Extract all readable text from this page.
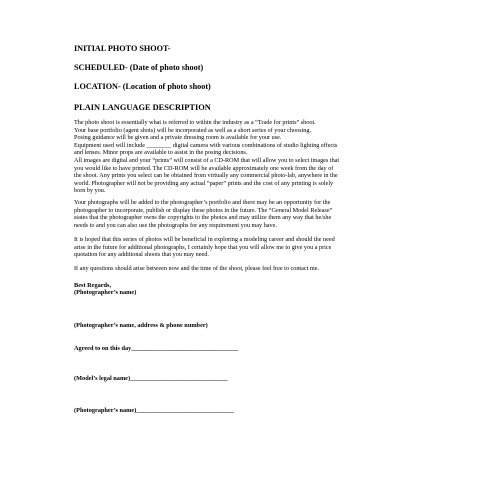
INITIAL PHOTO SHOOT-
SCHEDULED- (Date of photo shoot)
LOCATION- (Location of photo shoot)
PLAIN LANGUAGE DESCRIPTION
The photo shoot is essentially what is referred to within the industry as a “Trade for prints” shoot.
Your base portfolio (agent shots) will be incorporated as well as a short series of your choosing.
Posing guidance will be given and a private dressing room is available for your use.
Equipment used will include ________ digital camera with various combinations of studio lighting effects
and lenses. Minor props are available to assist in the posing decisions.
All images are digital and your “prints” will consist of a CD-ROM that will allow you to select images that
you would like to have printed. The CD-ROM will be available approximately one week from the day of
the shoot. Any prints you select can be obtained from virtually any commercial photo-lab, anywhere in the
world. Photographer will not be providing any actual “paper” prints and the cost of any printing is solely
born by you.
Your photographs will be added to the photographer’s portfolio and there may be an opportunity for the
photographer to incorporate, publish or display these photos in the future. The “General Model Release”
states that the photographer owns the copyrights to the photos and may utilize them any way that he/she
needs to and you can also use the photographs for any requirement you may have.
It is hoped that this series of photos will be beneficial in exploring a modeling career and should the need
arise in the future for additional photographs, I certainly hope that you will allow me to give you a price
quotation for any additional shoots that you may need.
If any questions should arise between now and the time of the shoot, please feel free to contact me.
Best Regards,
(Photographer’s name)
(Photographer’s name, address & phone number)
Agreed to on this day__________________________________
(Model’s legal name)_______________________________
(Photographer’s name)_______________________________
